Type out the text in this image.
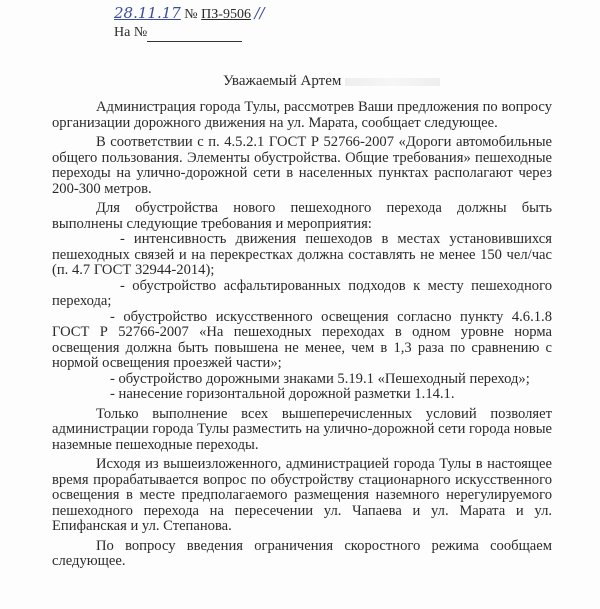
28.11.17 № ПЗ-9506 //
На №
Уважаемый Артем

Администрация города Тулы, рассмотрев Ваши предложения по вопросу организации дорожного движения на ул. Марата, сообщает следующее.

В соответствии с п. 4.5.2.1 ГОСТ Р 52766-2007 «Дороги автомобильные общего пользования. Элементы обустройства. Общие требования» пешеходные переходы на улично-дорожной сети в населенных пунктах располагают через 200-300 метров.

Для обустройства нового пешеходного перехода должны быть выполнены следующие требования и мероприятия:

- интенсивность движения пешеходов в местах установившихся пешеходных связей и на перекрестках должна составлять не менее 150 чел/час (п. 4.7 ГОСТ 32944-2014);

- обустройство асфальтированных подходов к месту пешеходного перехода;

- обустройство искусственного освещения согласно пункту 4.6.1.8 ГОСТ Р 52766-2007 «На пешеходных переходах в одном уровне норма освещения должна быть повышена не менее, чем в 1,3 раза по сравнению с нормой освещения проезжей части»;

- обустройство дорожными знаками 5.19.1 «Пешеходный переход»;

- нанесение горизонтальной дорожной разметки 1.14.1.

Только выполнение всех вышеперечисленных условий позволяет администрации города Тулы разместить на улично-дорожной сети города новые наземные пешеходные переходы.

Исходя из вышеизложенного, администрацией города Тулы в настоящее время прорабатывается вопрос по обустройству стационарного искусственного освещения в месте предполагаемого размещения наземного нерегулируемого пешеходного перехода на пересечении ул. Чапаева и ул. Марата и ул. Епифанская и ул. Степанова.

По вопросу введения ограничения скоростного режима сообщаем следующее.
